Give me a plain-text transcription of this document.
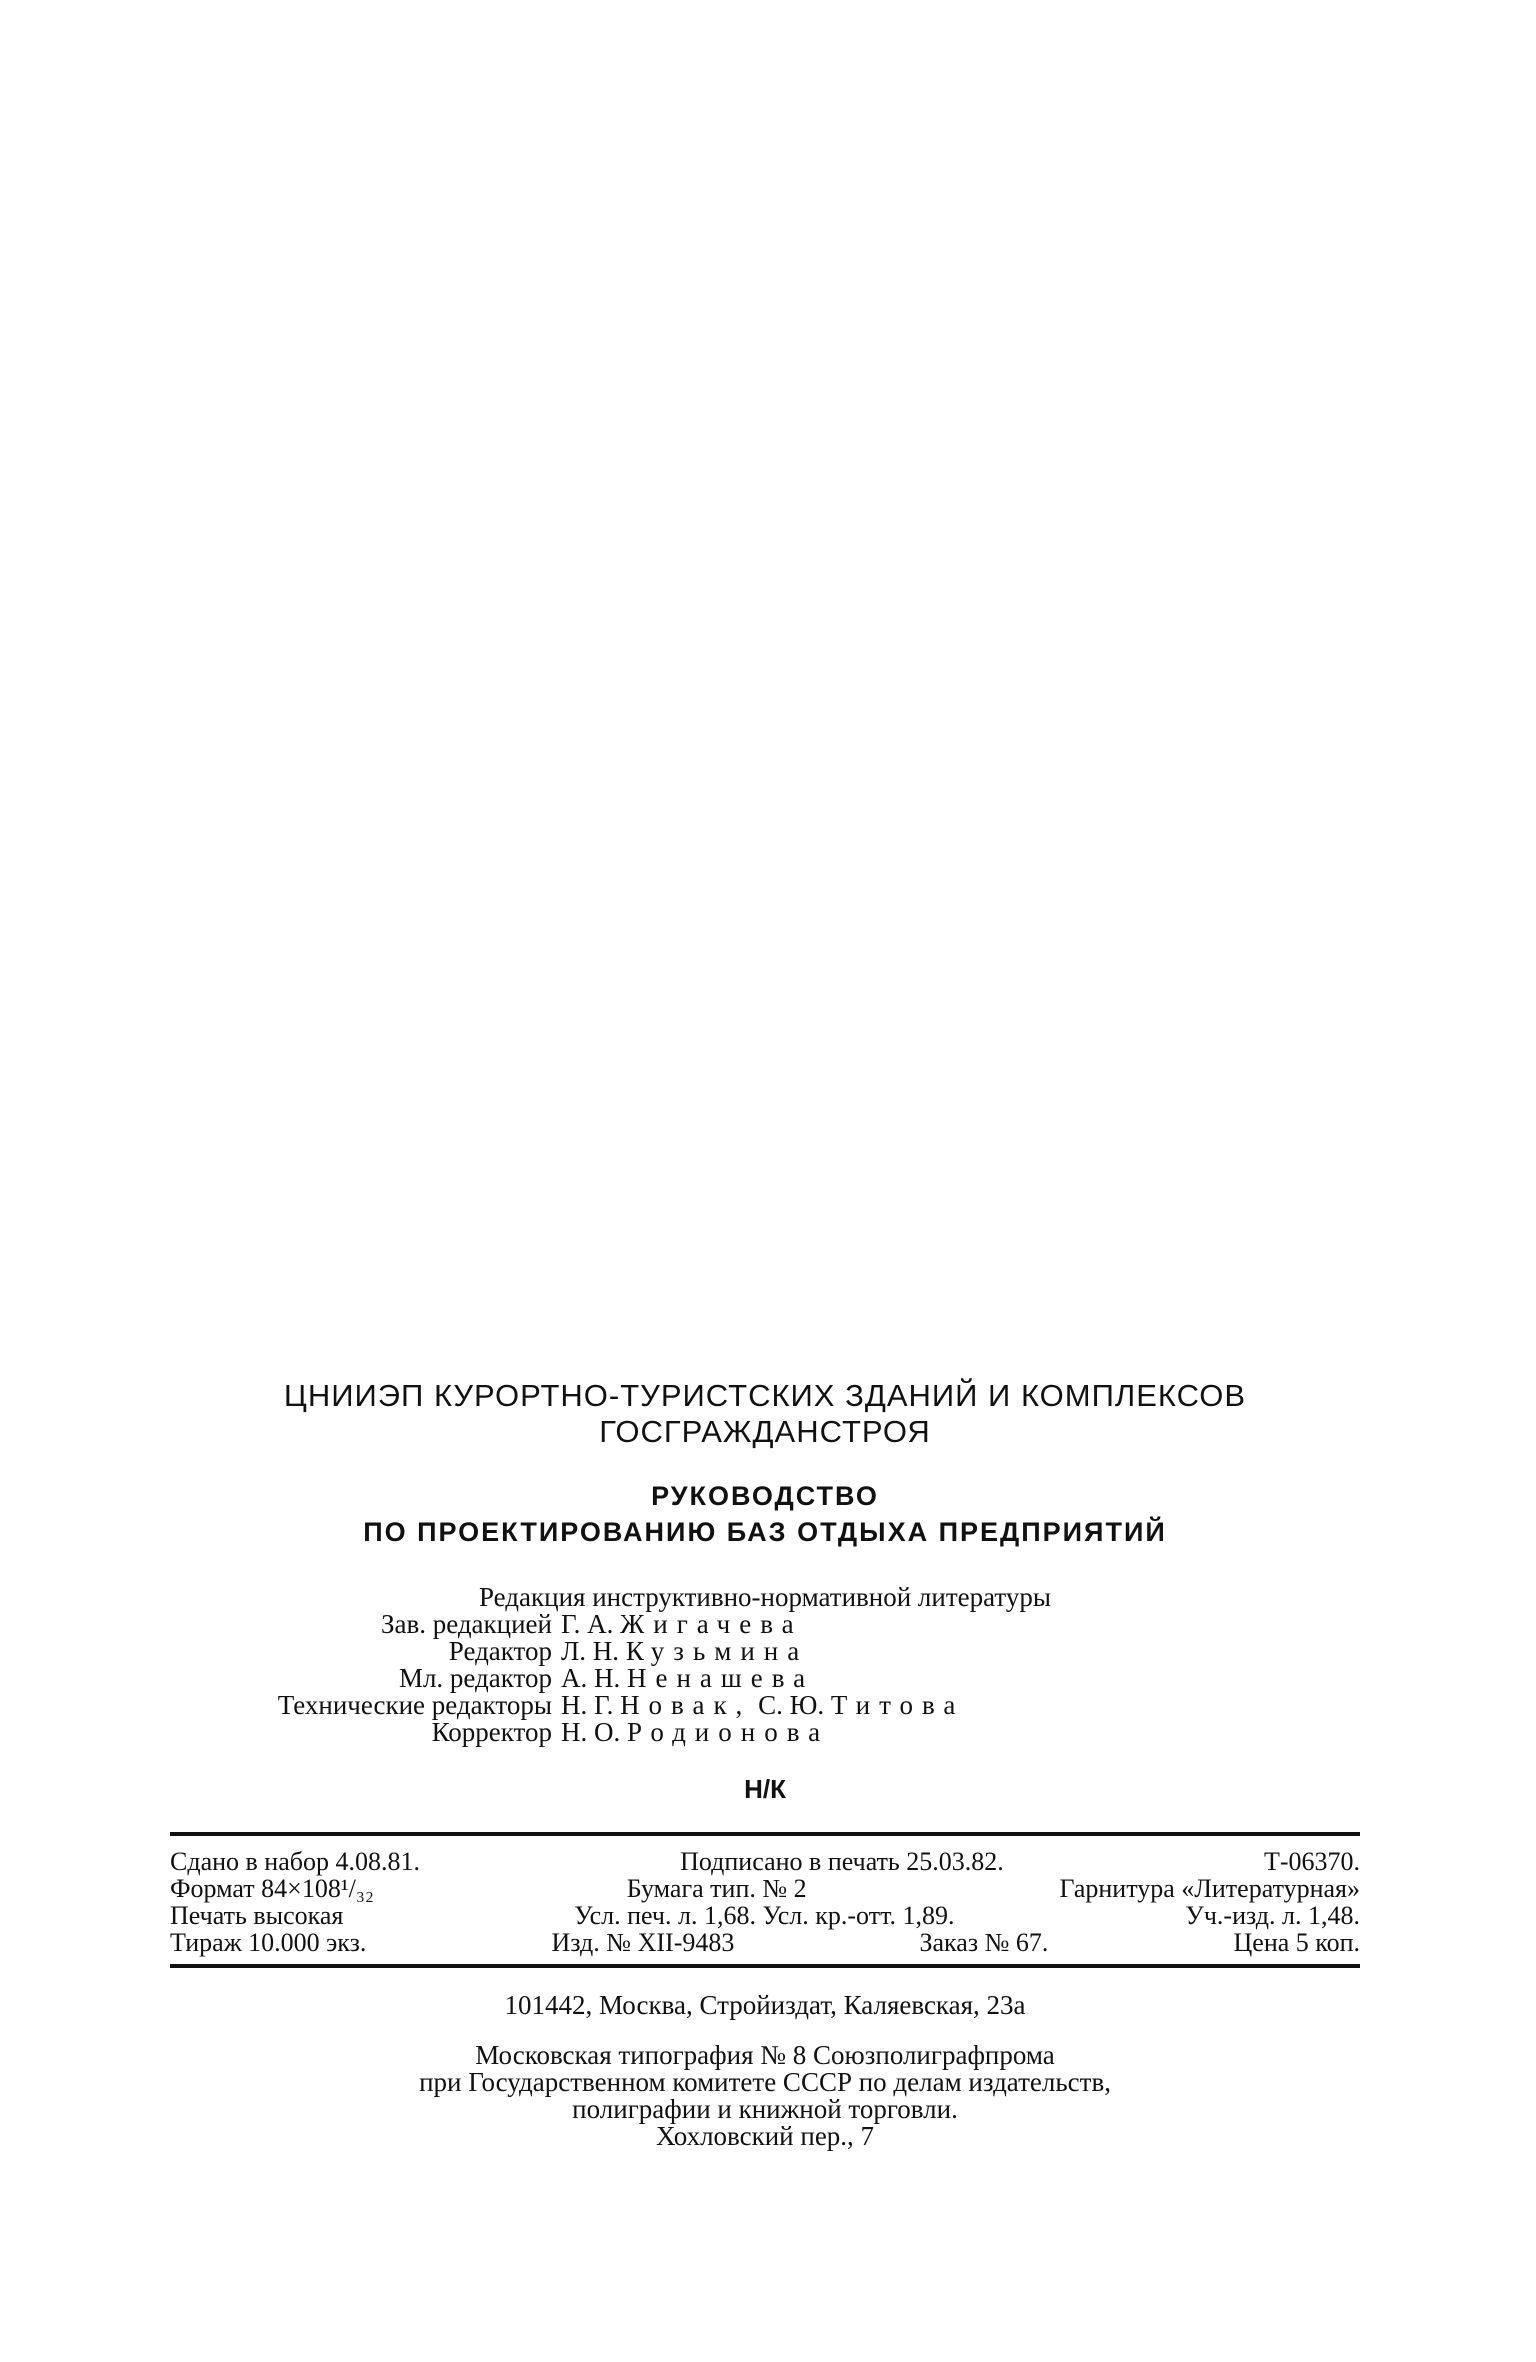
ЦНИИЭП КУРОРТНО-ТУРИСТСКИХ ЗДАНИЙ И КОМПЛЕКСОВ
ГОСГРАЖДАНСТРОЯ
РУКОВОДСТВО
ПО ПРОЕКТИРОВАНИЮ БАЗ ОТДЫХА ПРЕДПРИЯТИЙ
Редакция инструктивно-нормативной литературы
Зав. редакцией Г. А. Жигачева
Редактор Л. Н. Кузьмина
Мл. редактор А. Н. Ненашева
Технические редакторы Н. Г. Новак, С. Ю. Титова
Корректор Н. О. Родионова
Н/К
Сдано в набор 4.08.81.	Подписано в печать 25.03.82.	Т-06370.
Формат 84×108¹/₃₂	Бумага тип. № 2	Гарнитура «Литературная»
Печать высокая	Усл. печ. л. 1,68. Усл. кр.-отт. 1,89.	Уч.-изд. л. 1,48.
Тираж 10.000 экз.	Изд. № XII-9483	Заказ № 67.	Цена 5 коп.
101442, Москва, Стройиздат, Каляевская, 23а
Московская типография № 8 Союзполиграфпрома
при Государственном комитете СССР по делам издательств,
полиграфии и книжной торговли.
Хохловский пер., 7
